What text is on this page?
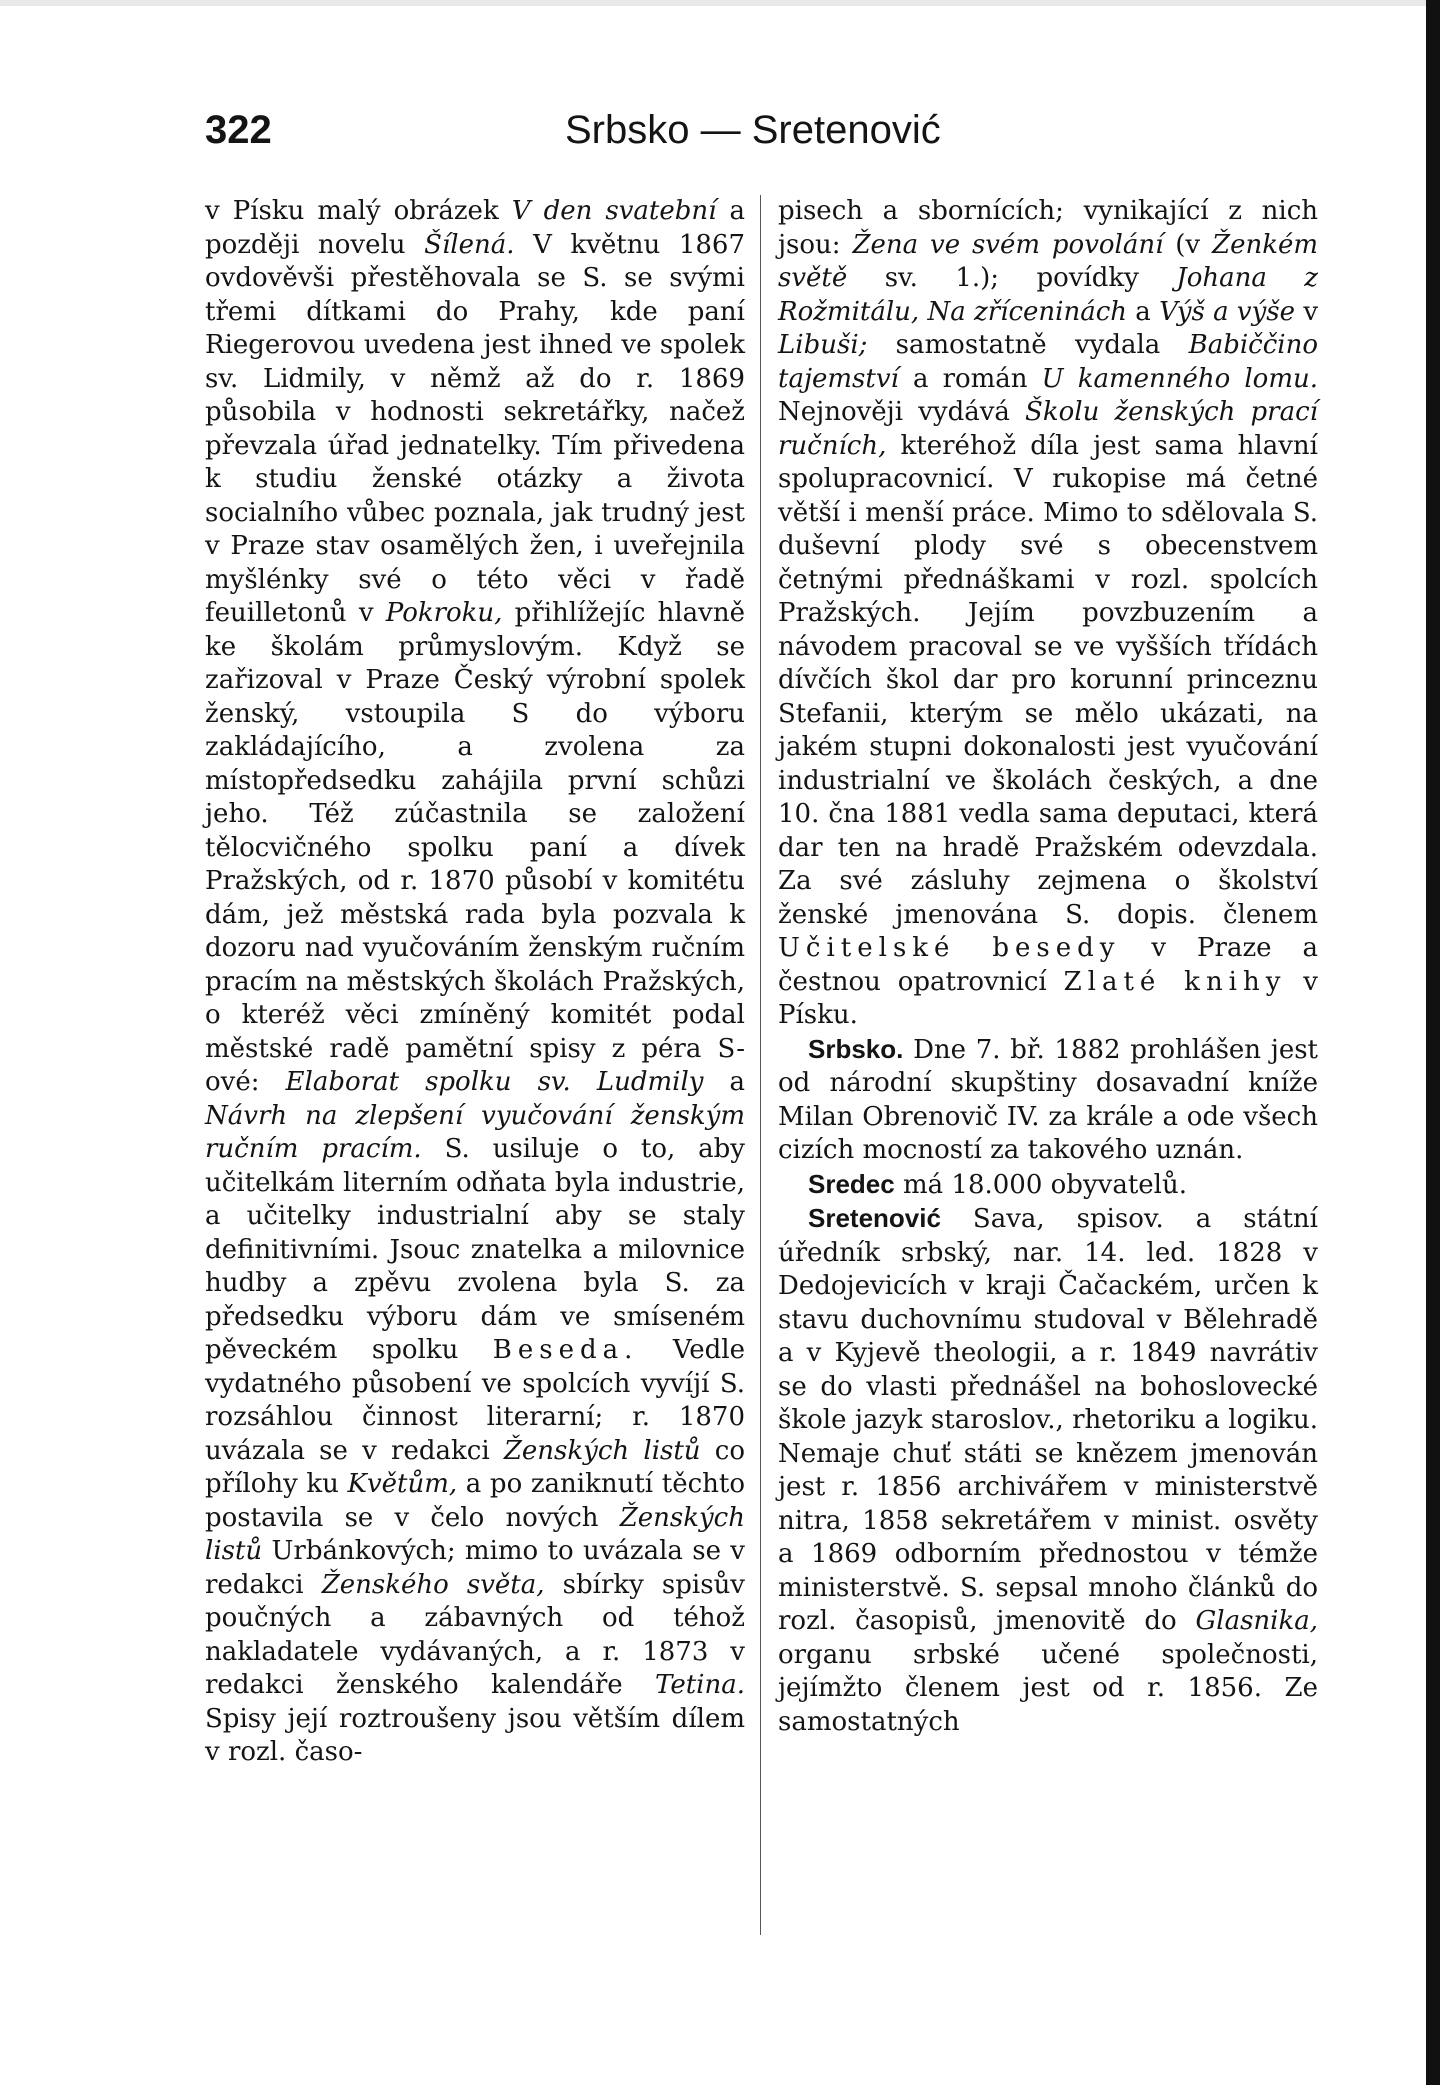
322	Srbsko — Sretenović

v Písku malý obrázek V den svatební a později novelu Šílená. V květnu 1867 ovdověvši přestěhovala se S. se svými třemi dítkami do Prahy, kde paní Riegerovou uvedena jest ihned ve spolek sv. Lidmily, v němž až do r. 1869 působila v hodnosti sekretářky, načež převzala úřad jednatelky. Tím přivedena k studiu ženské otázky a života socialního vůbec poznala, jak trudný jest v Praze stav osamělých žen, i uveřejnila myšlénky své o této věci v řadě feuilletonů v Pokroku, přihlížejíc hlavně ke školám průmyslovým. Když se zařizoval v Praze Český výrobní spolek ženský, vstoupila S do výboru zakládajícího, a zvolena za místopředsedku zahájila první schůzi jeho. Též zúčastnila se založení tělocvičného spolku paní a dívek Pražských, od r. 1870 působí v komitétu dám, jež městská rada byla pozvala k dozoru nad vyučováním ženským ručním pracím na městských školách Pražských, o kteréž věci zmíněný komitét podal městské radě pamětní spisy z péra S-ové: Elaborat spolku sv. Ludmily a Návrh na zlepšení vyučování ženským ručním pracím. S. usiluje o to, aby učitelkám literním odňata byla industrie, a učitelky industrialní aby se staly definitivními. Jsouc znatelka a milovnice hudby a zpěvu zvolena byla S. za předsedku výboru dám ve smíseném pěveckém spolku Beseda. Vedle vydatného působení ve spolcích vyvíjí S. rozsáhlou činnost literarní; r. 1870 uvázala se v redakci Ženských listů co přílohy ku Květům, a po zaniknutí těchto postavila se v čelo nových Ženských listů Urbánkových; mimo to uvázala se v redakci Ženského světa, sbírky spisův poučných a zábavných od téhož nakladatele vydávaných, a r. 1873 v redakci ženského kalendáře Tetina. Spisy její roztroušeny jsou větším dílem v rozl. časo-

pisech a sbornících; vynikající z nich jsou: Žena ve svém povolání (v Ženkém světě sv. 1.); povídky Johana z Rožmitálu, Na zříceninách a Výš a výše v Libuši; samostatně vydala Babiččino tajemství a román U kamenného lomu. Nejnověji vydává Školu ženských prací ručních, kteréhož díla jest sama hlavní spolupracovnicí. V rukopise má četné větší i menší práce. Mimo to sdělovala S. duševní plody své s obecenstvem četnými přednáškami v rozl. spolcích Pražských. Jejím povzbuzením a návodem pracoval se ve vyšších třídách dívčích škol dar pro korunní princeznu Stefanii, kterým se mělo ukázati, na jakém stupni dokonalosti jest vyučování industrialní ve školách českých, a dne 10. čna 1881 vedla sama deputaci, která dar ten na hradě Pražském odevzdala. Za své zásluhy zejmena o školství ženské jmenována S. dopis. členem Učitelské besedy v Praze a čestnou opatrovnicí Zlaté knihy v Písku.

Srbsko. Dne 7. bř. 1882 prohlášen jest od národní skupštiny dosavadní kníže Milan Obrenovič IV. za krále a ode všech cizích mocností za takového uznán.

Sredec má 18.000 obyvatelů.

Sretenović Sava, spisov. a státní úředník srbský, nar. 14. led. 1828 v Dedojevicích v kraji Čačackém, určen k stavu duchovnímu studoval v Bělehradě a v Kyjevě theologii, a r. 1849 navrátiv se do vlasti přednášel na bohoslovecké škole jazyk staroslov., rhetoriku a logiku. Nemaje chuť státi se knězem jmenován jest r. 1856 archivářem v ministerstvě nitra, 1858 sekretářem v minist. osvěty a 1869 odborním přednostou v témže ministerstvě. S. sepsal mnoho článků do rozl. časopisů, jmenovitě do Glasnika, organu srbské učené společnosti, jejímžto členem jest od r. 1856. Ze samostatných
